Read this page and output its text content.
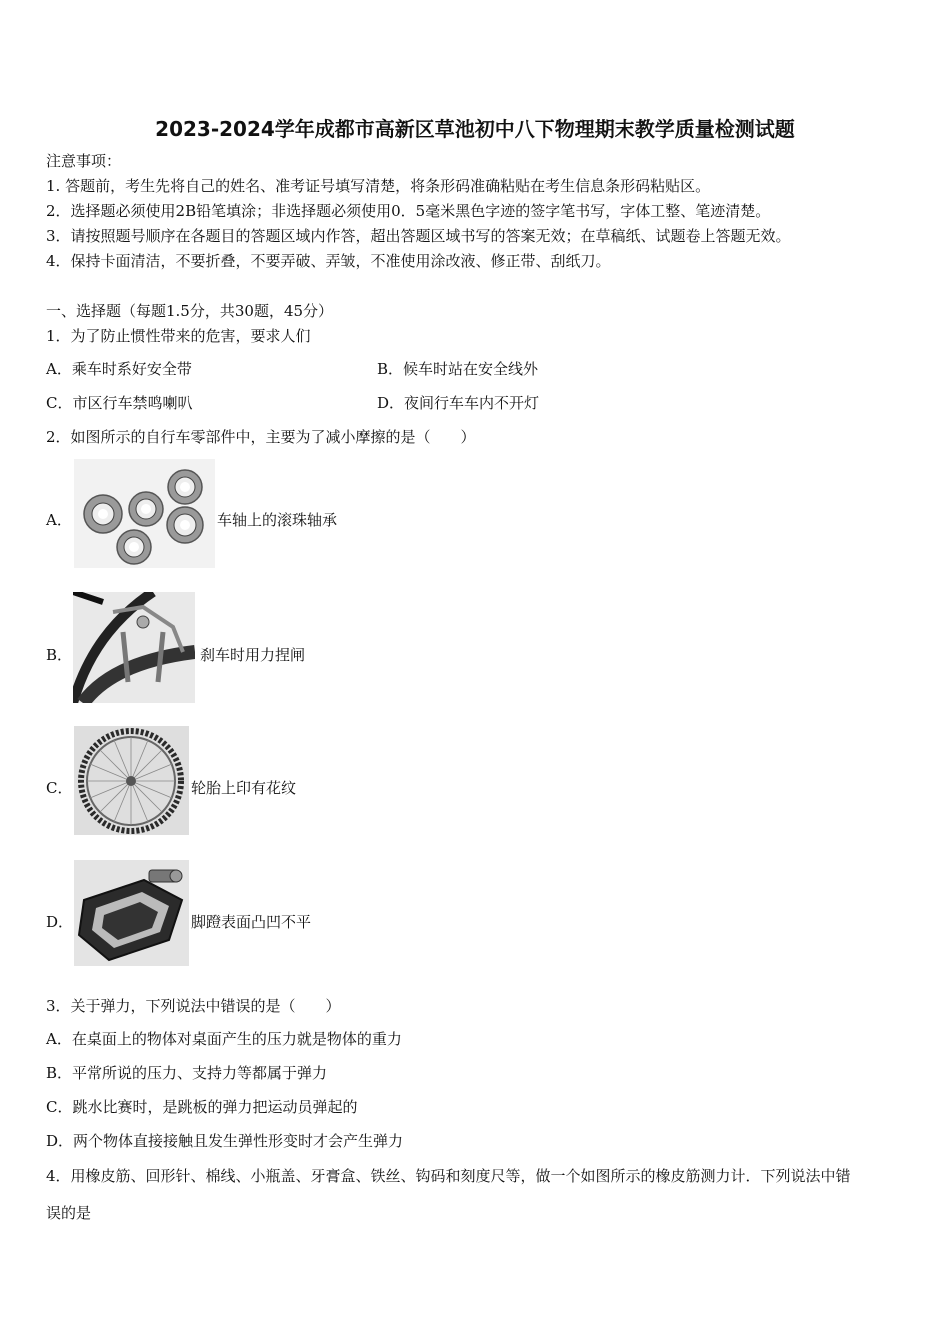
2023-2024学年成都市高新区草池初中八下物理期末教学质量检测试题
注意事项：
1. 答题前，考生先将自己的姓名、准考证号填写清楚，将条形码准确粘贴在考生信息条形码粘贴区。
2．选择题必须使用2B铅笔填涂；非选择题必须使用0．5毫米黑色字迹的签字笔书写，字体工整、笔迹清楚。
3．请按照题号顺序在各题目的答题区域内作答，超出答题区域书写的答案无效；在草稿纸、试题卷上答题无效。
4．保持卡面清洁，不要折叠，不要弄破、弄皱，不准使用涂改液、修正带、刮纸刀。
一、选择题（每题1.5分，共30题，45分）
1．为了防止惯性带来的危害，要求人们
A．乘车时系好安全带	B．候车时站在安全线外
C．市区行车禁鸣喇叭	D．夜间行车车内不开灯
2．如图所示的自行车零部件中，主要为了减小摩擦的是（　　）
A．	车轴上的滚珠轴承
B．	刹车时用力捏闸
C．	轮胎上印有花纹
D．	脚蹬表面凸凹不平
3．关于弹力，下列说法中错误的是（　　）
A．在桌面上的物体对桌面产生的压力就是物体的重力
B．平常所说的压力、支持力等都属于弹力
C．跳水比赛时，是跳板的弹力把运动员弹起的
D．两个物体直接接触且发生弹性形变时才会产生弹力
4．用橡皮筋、回形针、棉线、小瓶盖、牙膏盒、铁丝、钩码和刻度尺等，做一个如图所示的橡皮筋测力计．下列说法中错
误的是
